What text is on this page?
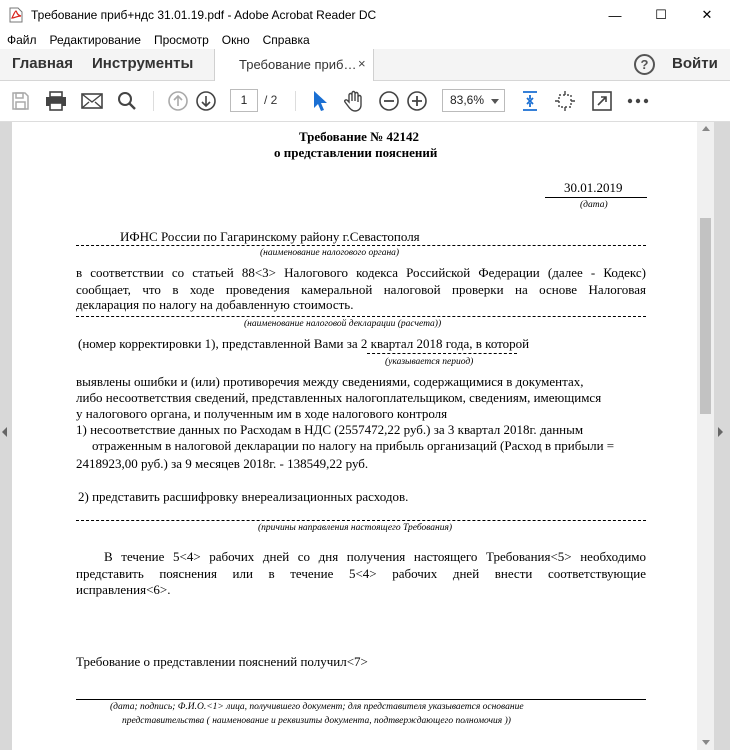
Требование приб+ндс 31.01.19.pdf - Adobe Acrobat Reader DC	—	☐	✕
Файл Редактирование Просмотр Окно Справка
Главная Инструменты	Требование приб… ×	?	Войти
1	/ 2	83,6%
Требование № 42142
о представлении пояснений
30.01.2019
(дата)
ИФНС России по Гагаринскому району г.Севастополя
(наименование налогового органа)
в соответствии со статьей 88<3> Налогового кодекса Российской Федерации (далее - Кодекс)
сообщает, что в ходе проведения камеральной налоговой проверки на основе Налоговая
декларация по налогу на добавленную стоимость.
(наименование налоговой декларации (расчета))
(номер корректировки 1), представленной Вами за 2 квартал 2018 года, в которой
(указывается период)
выявлены ошибки и (или) противоречия между сведениями, содержащимися в документах,
либо несоответствия сведений, представленных налогоплательщиком, сведениям, имеющимся
у налогового органа, и полученным им в ходе налогового контроля
1) несоответствие данных по Расходам в НДС (2557472,22 руб.) за 3 квартал 2018г. данным
отраженным в налоговой декларации по налогу на прибыль организаций (Расход в прибыли =
2418923,00 руб.) за 9 месяцев 2018г. - 138549,22 руб.
2) представить расшифровку внереализационных расходов.
(причины направления настоящего Требования)
В течение 5<4> рабочих дней со дня получения настоящего Требования<5> необходимо
представить пояснения или в течение 5<4> рабочих дней внести соответствующие
исправления<6>.
Требование о представлении пояснений получил<7>
(дата; подпись; Ф.И.О.<1> лица, получившего документ; для представителя указывается основание
представительства ( наименование и реквизиты документа, подтверждающего полномочия ))
